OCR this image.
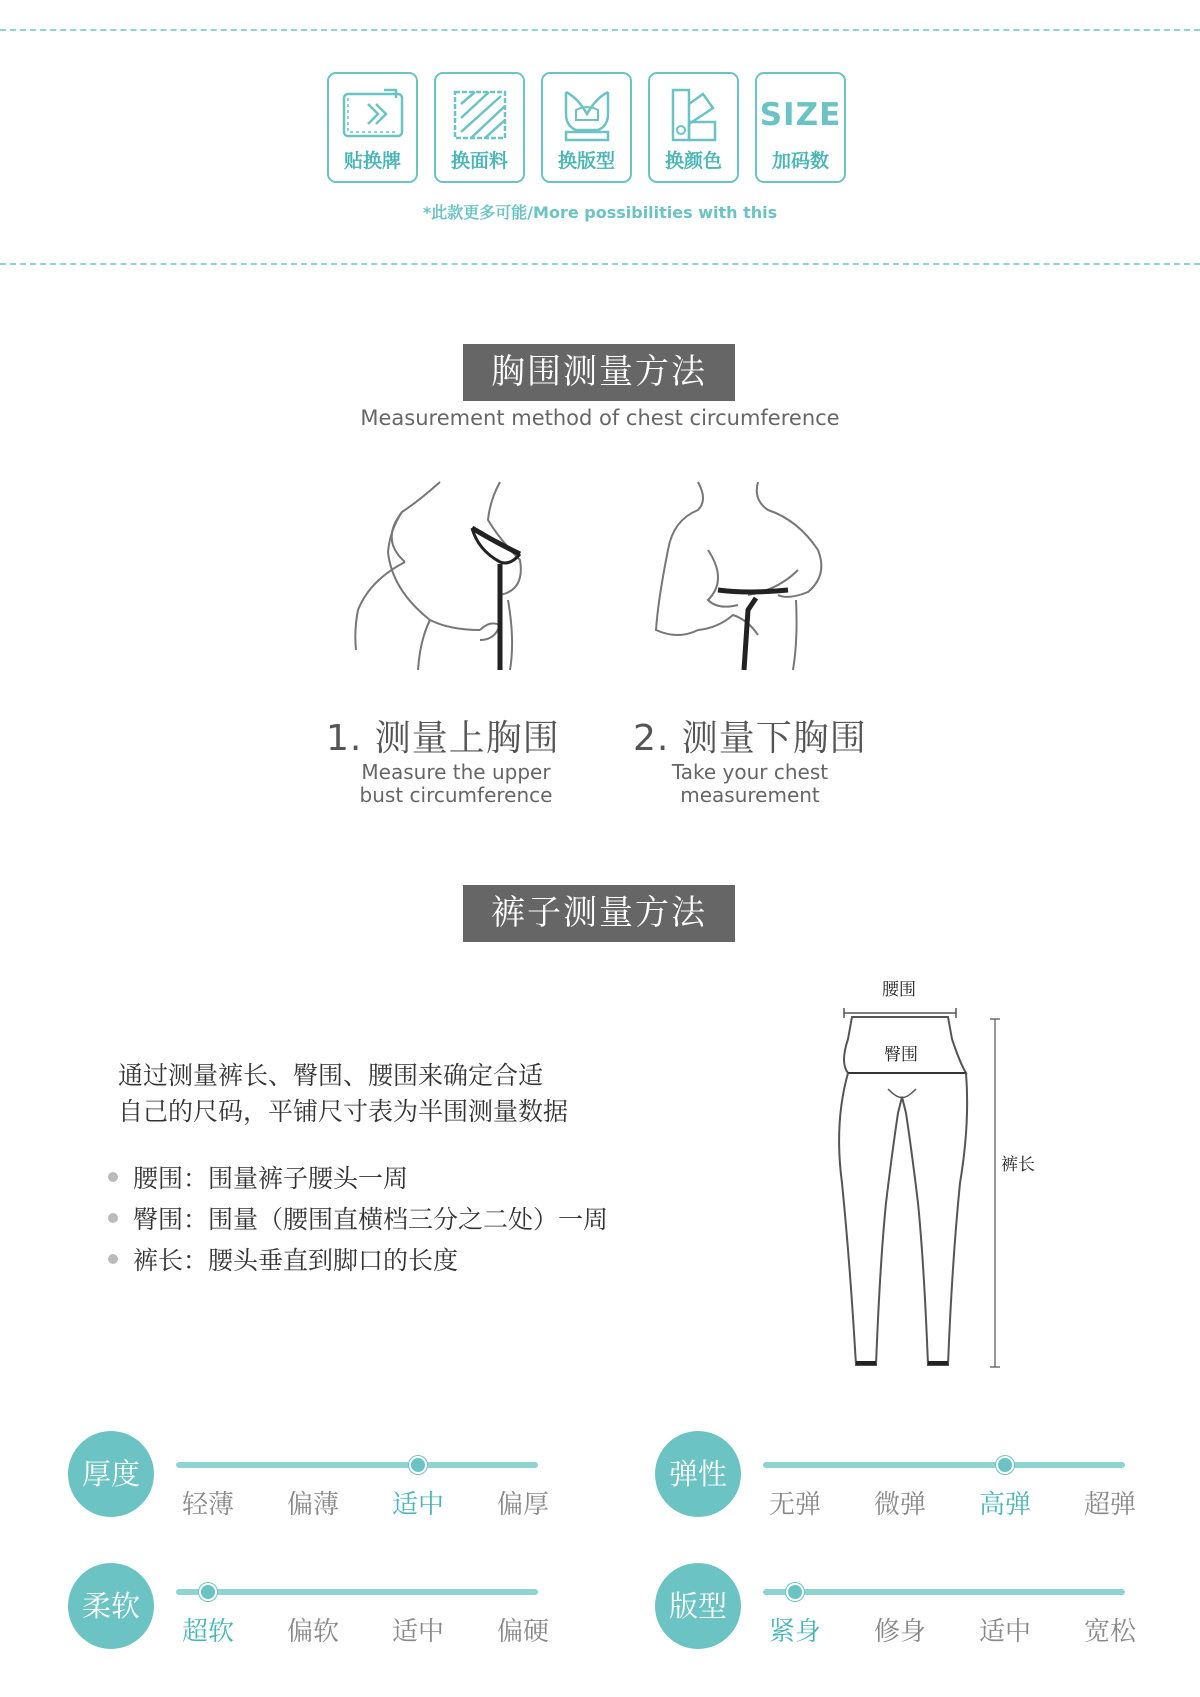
贴换牌	换面料	换版型	换颜色
SIZE
加码数
*此款更多可能/More possibilities with this
胸围测量方法
Measurement method of chest circumference
1. 测量上胸围
Measure the upper
bust circumference
2. 测量下胸围
Take your chest
measurement
裤子测量方法
通过测量裤长、臀围、腰围来确定合适
自己的尺码，平铺尺寸表为半围测量数据
腰围：围量裤子腰头一周
臀围：围量（腰围直横档三分之二处）一周
裤长：腰头垂直到脚口的长度
腰围
臀围
裤长
厚度
轻薄	偏薄	适中	偏厚
弹性
无弹	微弹	高弹	超弹
柔软
超软	偏软	适中	偏硬
版型
紧身	修身	适中	宽松
